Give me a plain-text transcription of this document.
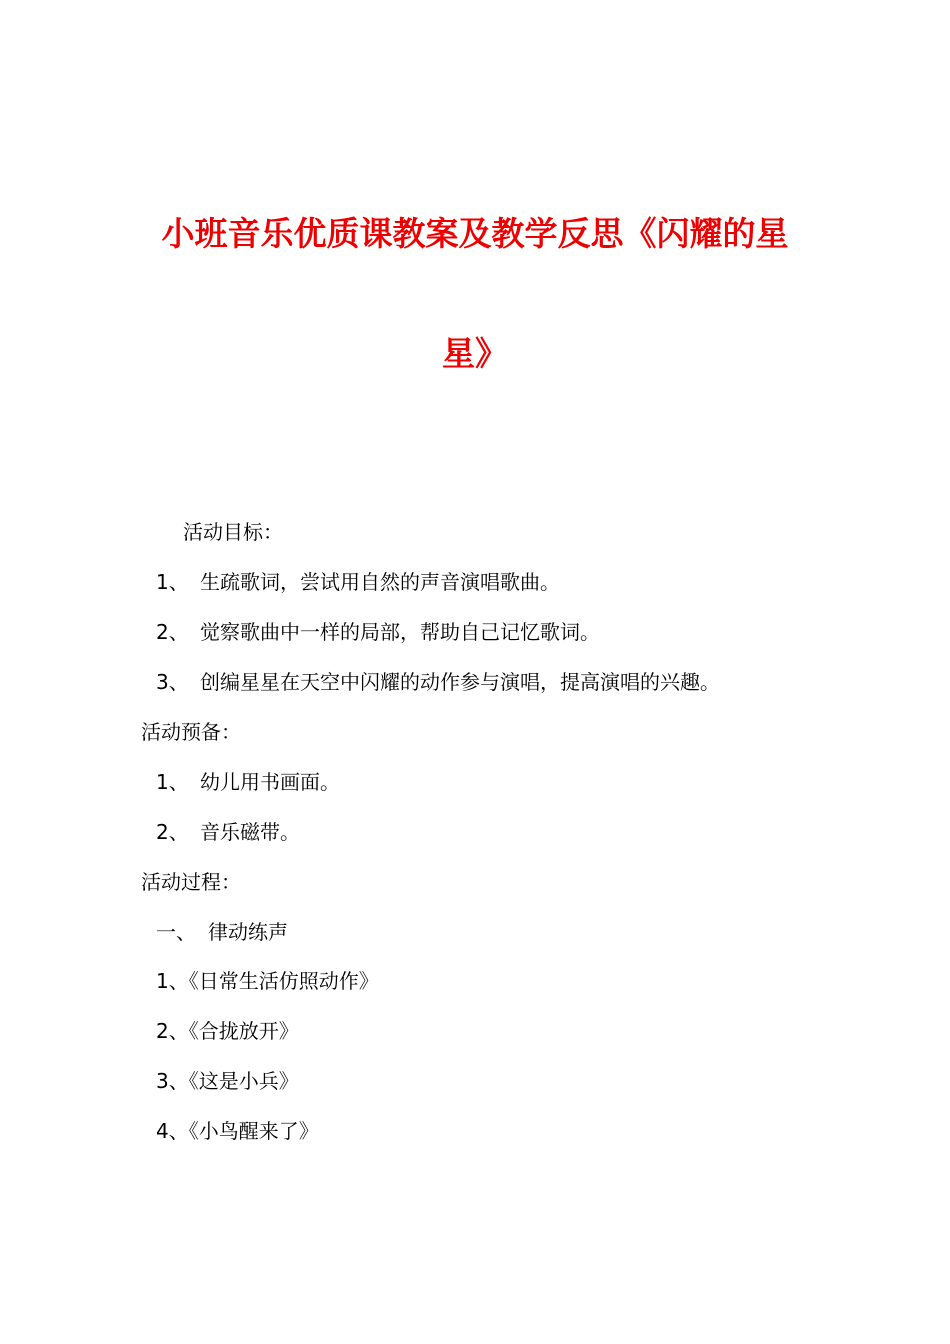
小班音乐优质课教案及教学反思《闪耀的星
星》
活动目标：
1、 生疏歌词，尝试用自然的声音演唱歌曲。
2、 觉察歌曲中一样的局部，帮助自己记忆歌词。
3、 创编星星在天空中闪耀的动作参与演唱，提高演唱的兴趣。
活动预备：
1、 幼儿用书画面。
2、 音乐磁带。
活动过程：
一、 律动练声
1、《日常生活仿照动作》
2、《合拢放开》
3、《这是小兵》
4、《小鸟醒来了》
